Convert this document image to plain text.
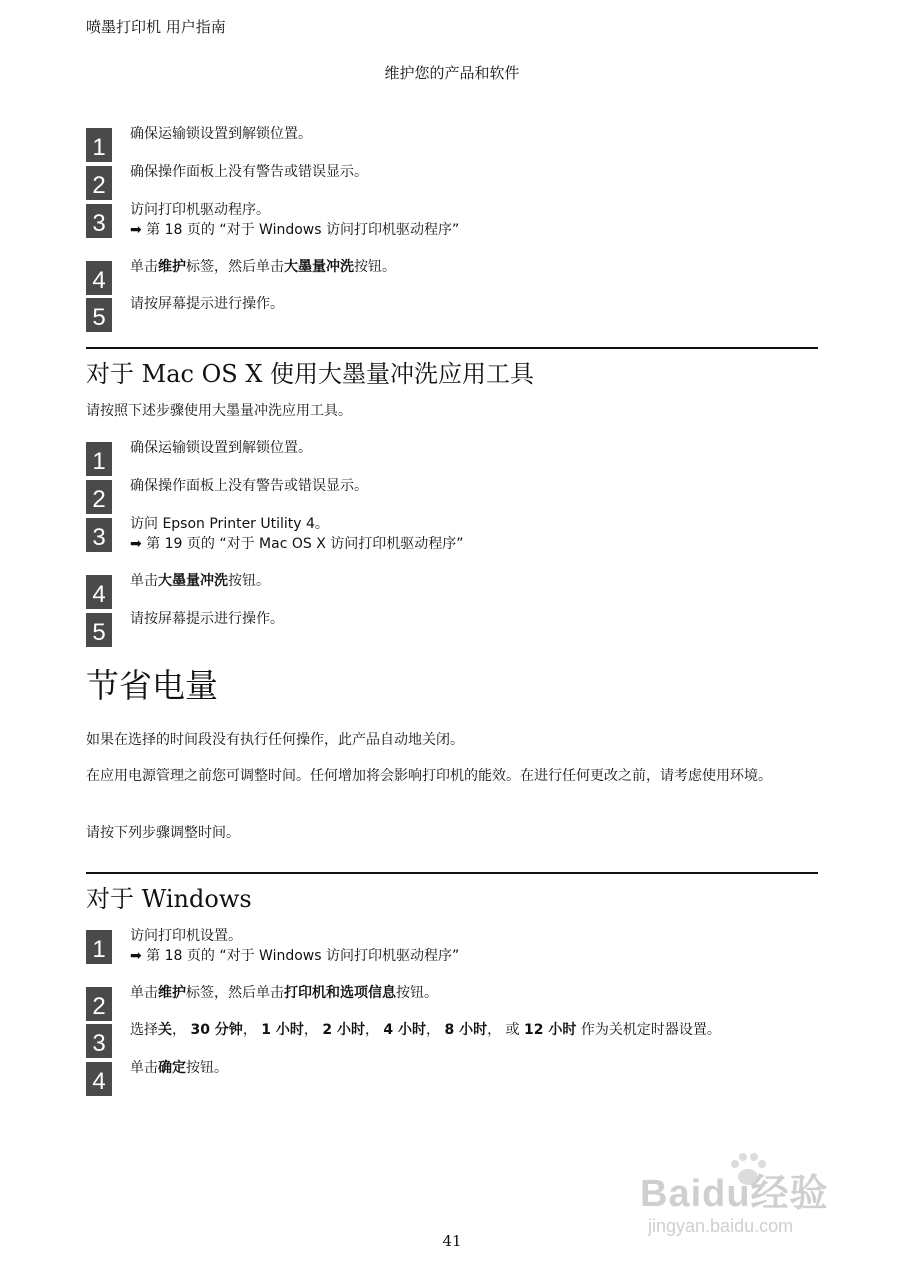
喷墨打印机 用户指南
维护您的产品和软件
1	确保运输锁设置到解锁位置。
2	确保操作面板上没有警告或错误显示。
3	访问打印机驱动程序。
➡ 第 18 页的 “对于 Windows 访问打印机驱动程序”
4	单击维护标签，然后单击大墨量冲洗按钮。
5	请按屏幕提示进行操作。
对于 Mac OS X 使用大墨量冲洗应用工具
请按照下述步骤使用大墨量冲洗应用工具。
1	确保运输锁设置到解锁位置。
2	确保操作面板上没有警告或错误显示。
3	访问 Epson Printer Utility 4。
➡ 第 19 页的 “对于 Mac OS X 访问打印机驱动程序”
4	单击大墨量冲洗按钮。
5	请按屏幕提示进行操作。
节省电量
如果在选择的时间段没有执行任何操作，此产品自动地关闭。
在应用电源管理之前您可调整时间。任何增加将会影响打印机的能效。在进行任何更改之前，请考虑使用环境。
请按下列步骤调整时间。
对于 Windows
1	访问打印机设置。
➡ 第 18 页的 “对于 Windows 访问打印机驱动程序”
2	单击维护标签，然后单击打印机和选项信息按钮。
3	选择关， 30 分钟， 1 小时， 2 小时， 4 小时， 8 小时， 或 12 小时 作为关机定时器设置。
4	单击确定按钮。
Baidu经验
jingyan.baidu.com
41
